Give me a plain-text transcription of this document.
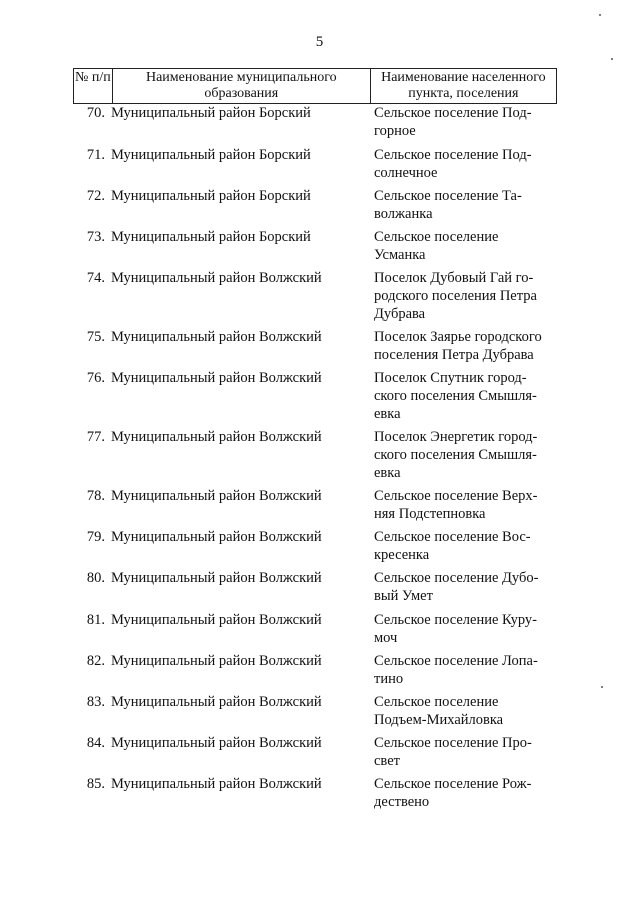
5
№ п/п	Наименование муниципального образования
Наименование населенного пункта, поселения
70. Муниципальный район Борский	Сельское поселение Под-
горное
71. Муниципальный район Борский	Сельское поселение Под-
солнечное
72. Муниципальный район Борский	Сельское поселение Та-
волжанка
73. Муниципальный район Борский	Сельское поселение
Усманка
74. Муниципальный район Волжский	Поселок Дубовый Гай го-
родского поселения Петра
Дубрава
75. Муниципальный район Волжский	Поселок Заярье городского
поселения Петра Дубрава
76. Муниципальный район Волжский	Поселок Спутник город-
ского поселения Смышля-
евка
77. Муниципальный район Волжский	Поселок Энергетик город-
ского поселения Смышля-
евка
78. Муниципальный район Волжский	Сельское поселение Верх-
няя Подстепновка
79. Муниципальный район Волжский	Сельское поселение Вос-
кресенка
80. Муниципальный район Волжский	Сельское поселение Дубо-
вый Умет
81. Муниципальный район Волжский	Сельское поселение Куру-
моч
82. Муниципальный район Волжский	Сельское поселение Лопа-
тино
83. Муниципальный район Волжский	Сельское поселение
Подъем-Михайловка
84. Муниципальный район Волжский	Сельское поселение Про-
свет
85. Муниципальный район Волжский	Сельское поселение Рож-
дествено
